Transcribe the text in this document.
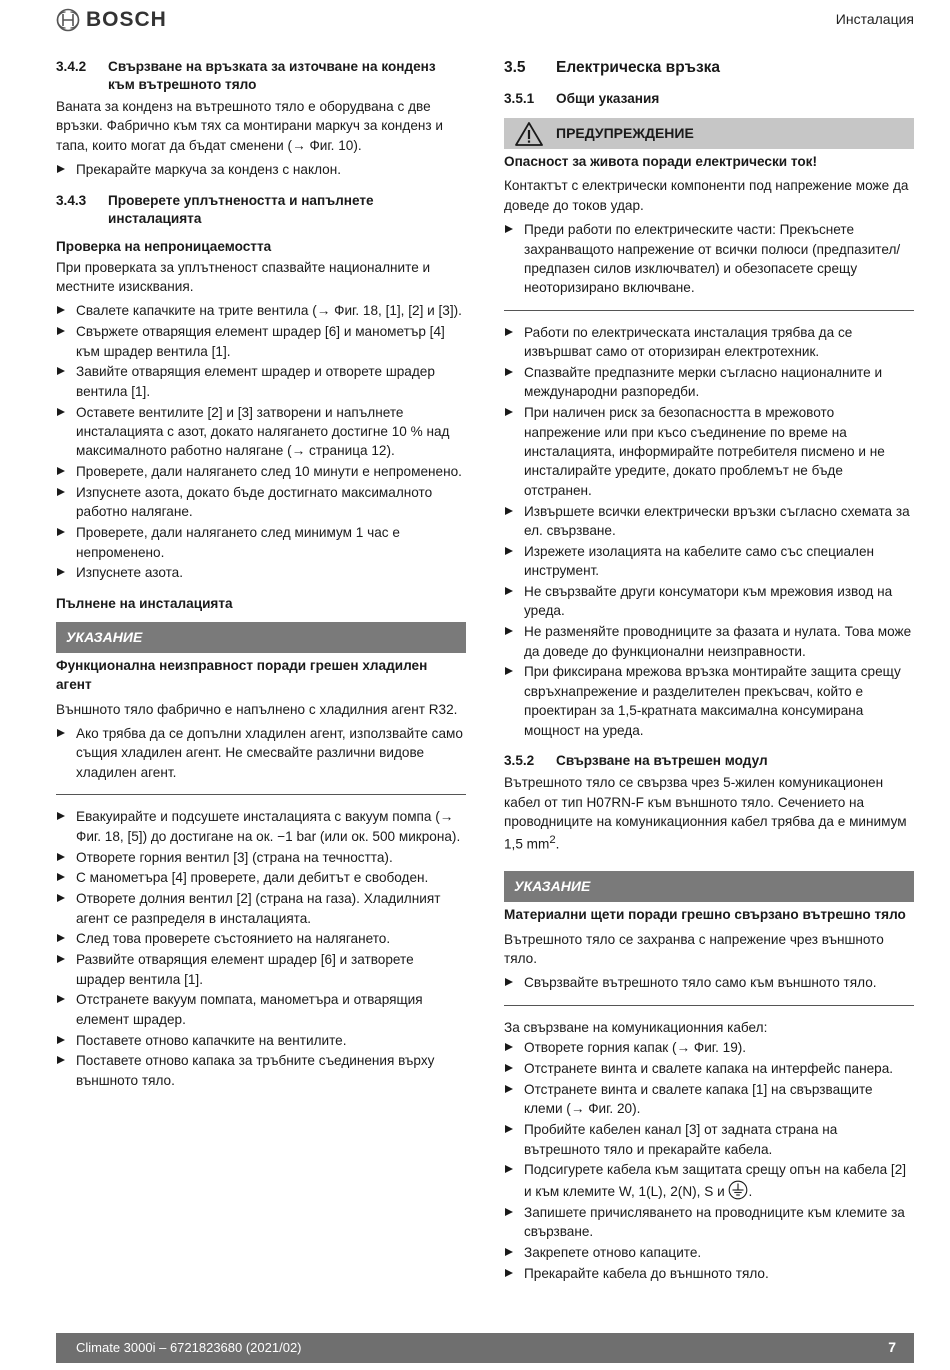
BOSCH	Инсталация
3.4.2	Свързване на връзката за източване на конденз към вътрешното тяло

Ваната за конденз на вътрешното тяло е оборудвана с две връзки. Фабрично към тях са монтирани маркуч за конденз и тапа, които могат да бъдат сменени (→ Фиг. 10).

Прекарайте маркуча за конденз с наклон.
3.4.3	Проверете уплътнеността и напълнете инсталацията
Проверка на непроницаемостта

При проверката за уплътненост спазвайте националните и местните изисквания.

Свалете капачките на трите вентила (→ Фиг. 18, [1], [2] и [3]).
Свържете отварящия елемент шрадер [6] и манометър [4] към шрадер вентила [1].
Завийте отварящия елемент шрадер и отворете шрадер вентила [1].
Оставете вентилите [2] и [3] затворени и напълнете инсталацията с азот, докато налягането достигне 10 % над максималното работно налягане (→ страница 12).
Проверете, дали налягането след 10 минути е непроменено.
Изпуснете азота, докато бъде достигнато максималното работно налягане.
Проверете, дали налягането след минимум 1 час е непроменено.
Изпуснете азота.
Пълнене на инсталацията
УКАЗАНИЕ
Функционална неизправност поради грешен хладилен агент

Външното тяло фабрично е напълнено с хладилния агент R32.

Ако трябва да се допълни хладилен агент, използвайте само същия хладилен агент. Не смесвайте различни видове хладилен агент.
Евакуирайте и подсушете инсталацията с вакуум помпа (→ Фиг. 18, [5]) до достигане на ок. −1 bar (или ок. 500 микрона).
Отворете горния вентил [3] (страна на течността).
С манометъра [4] проверете, дали дебитът е свободен.
Отворете долния вентил [2] (страна на газа). Хладилният агент се разпределя в инсталацията.
След това проверете състоянието на налягането.
Развийте отварящия елемент шрадер [6] и затворете шрадер вентила [1].
Отстранете вакуум помпата, манометъра и отварящия елемент шрадер.
Поставете отново капачките на вентилите.
Поставете отново капака за тръбните съединения върху външното тяло.
3.5	Електрическа връзка
3.5.1	Общи указания
ПРЕДУПРЕЖДЕНИЕ
Опасност за живота поради електрически ток!

Контактът с електрически компоненти под напрежение може да доведе до токов удар.

Преди работи по електрическите части: Прекъснете захранващото напрежение от всички полюси (предпазител/ предпазен силов изключвател) и обезопасете срещу неоторизирано включване.
Работи по електрическата инсталация трябва да се извършват само от оторизиран електротехник.
Спазвайте предпазните мерки съгласно националните и международни разпоредби.
При наличен риск за безопасността в мрежовото напрежение или при късо съединение по време на инсталацията, информирайте потребителя писмено и не инсталирайте уредите, докато проблемът не бъде отстранен.
Извършете всички електрически връзки съгласно схемата за ел. свързване.
Изрежете изолацията на кабелите само със специален инструмент.
Не свързвайте други консуматори към мрежовия извод на уреда.
Не разменяйте проводниците за фазата и нулата. Това може да доведе до функционални неизправности.
При фиксирана мрежова връзка монтирайте защита срещу свръхнапрежение и разделителен прекъсвач, който е проектиран за 1,5-кратната максимална консумирана мощност на уреда.
3.5.2	Свързване на вътрешен модул

Вътрешното тяло се свързва чрез 5-жилен комуникационен кабел от тип H07RN-F към външното тяло. Сечението на проводниците на комуникационния кабел трябва да е минимум 1,5 $mm^2$.

УКАЗАНИЕ
Материални щети поради грешно свързано вътрешно тяло

Вътрешното тяло се захранва с напрежение чрез външното тяло.

Свързвайте вътрешното тяло само към външното тяло.

За свързване на комуникационния кабел:

Отворете горния капак (→ Фиг. 19).
Отстранете винта и свалете капака на интерфейс панера.
Отстранете винта и свалете капака [1] на свързващите клеми (→ Фиг. 20).
Пробийте кабелен канал [3] от задната страна на вътрешното тяло и прекарайте кабела.
Подсигурете кабела към защитата срещу опън на кабела [2] и към клемите W, 1(L), 2(N), S и .
Запишете причисляването на проводниците към клемите за свързване.
Закрепете отново капаците.
Прекарайте кабела до външното тяло.
Climate 3000i – 6721823680 (2021/02)	7
